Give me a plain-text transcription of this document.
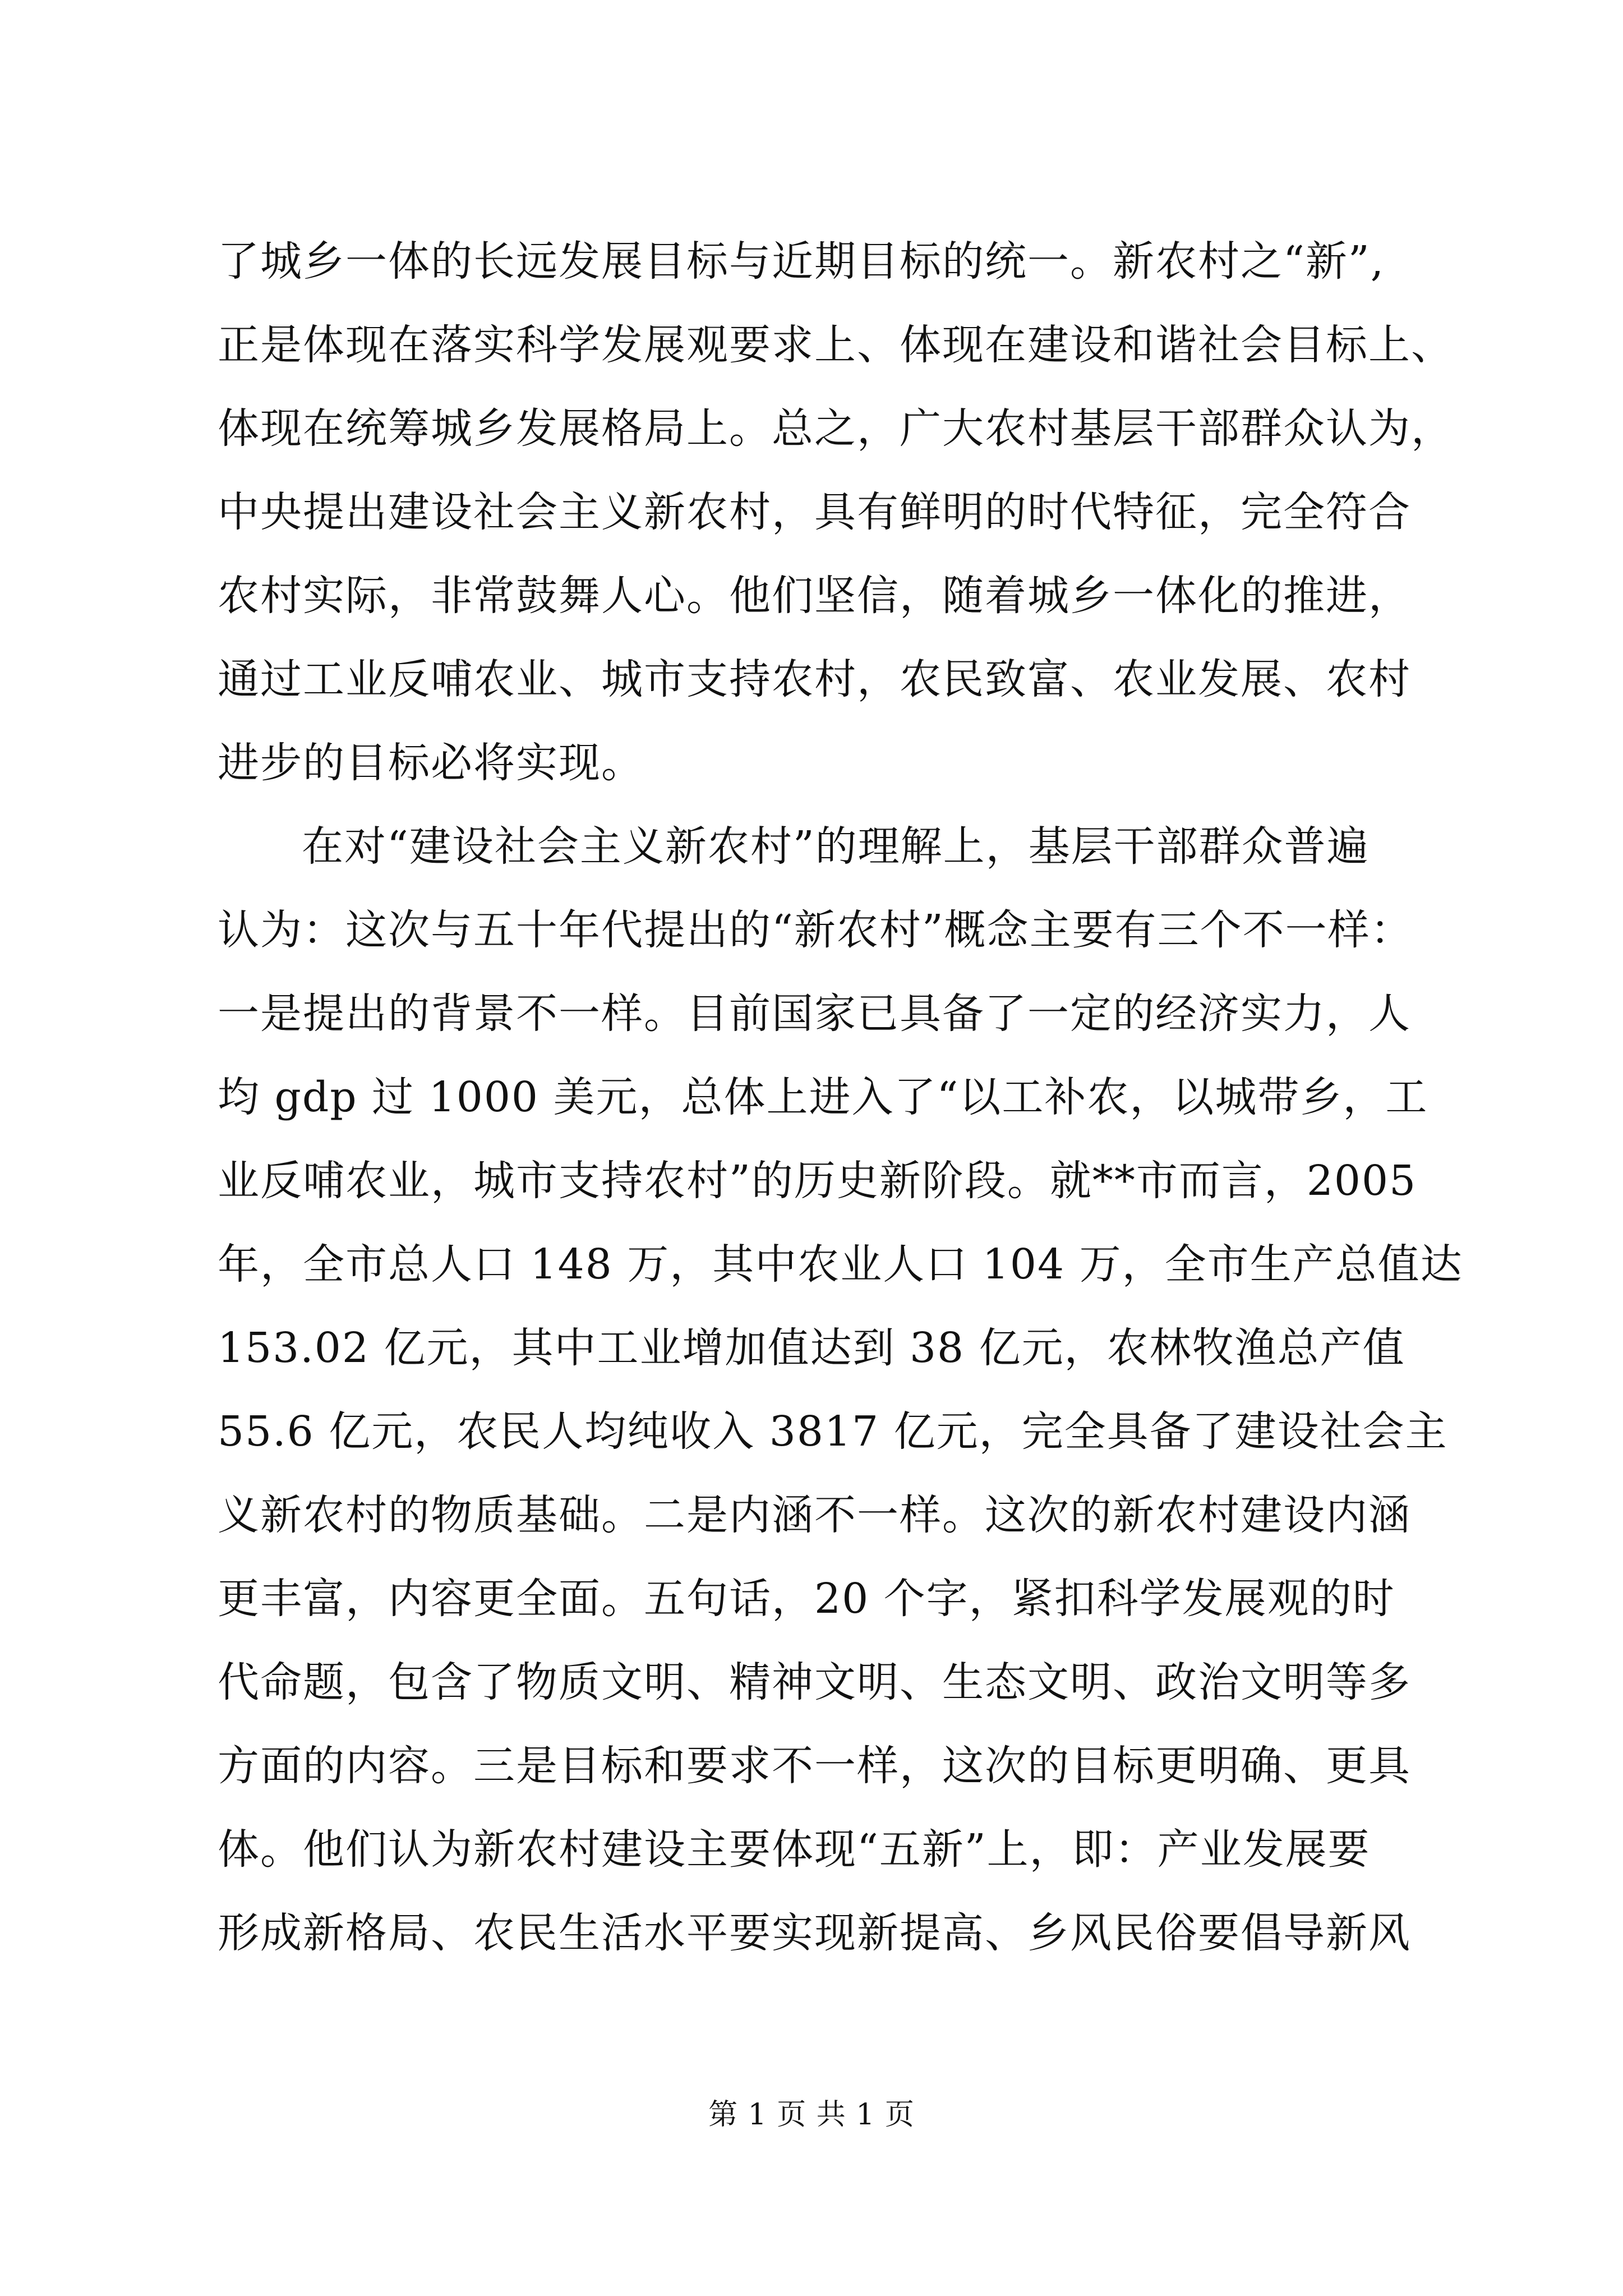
了城乡一体的长远发展目标与近期目标的统一。新农村之“新”,
正是体现在落实科学发展观要求上、体现在建设和谐社会目标上、
体现在统筹城乡发展格局上。总之，广大农村基层干部群众认为，
中央提出建设社会主义新农村，具有鲜明的时代特征，完全符合
农村实际，非常鼓舞人心。他们坚信，随着城乡一体化的推进，
通过工业反哺农业、城市支持农村，农民致富、农业发展、农村
进步的目标必将实现。
在对“建设社会主义新农村”的理解上，基层干部群众普遍
认为：这次与五十年代提出的“新农村”概念主要有三个不一样：
一是提出的背景不一样。目前国家已具备了一定的经济实力，人
均 gdp 过 1000 美元，总体上进入了“以工补农，以城带乡，工
业反哺农业，城市支持农村”的历史新阶段。就**市而言，2005
年，全市总人口 148 万，其中农业人口 104 万，全市生产总值达
153.02 亿元，其中工业增加值达到 38 亿元，农林牧渔总产值
55.6 亿元，农民人均纯收入 3817 亿元，完全具备了建设社会主
义新农村的物质基础。二是内涵不一样。这次的新农村建设内涵
更丰富，内容更全面。五句话，20 个字，紧扣科学发展观的时
代命题，包含了物质文明、精神文明、生态文明、政治文明等多
方面的内容。三是目标和要求不一样，这次的目标更明确、更具
体。他们认为新农村建设主要体现“五新”上，即：产业发展要
形成新格局、农民生活水平要实现新提高、乡风民俗要倡导新风
第 1 页 共 1 页
